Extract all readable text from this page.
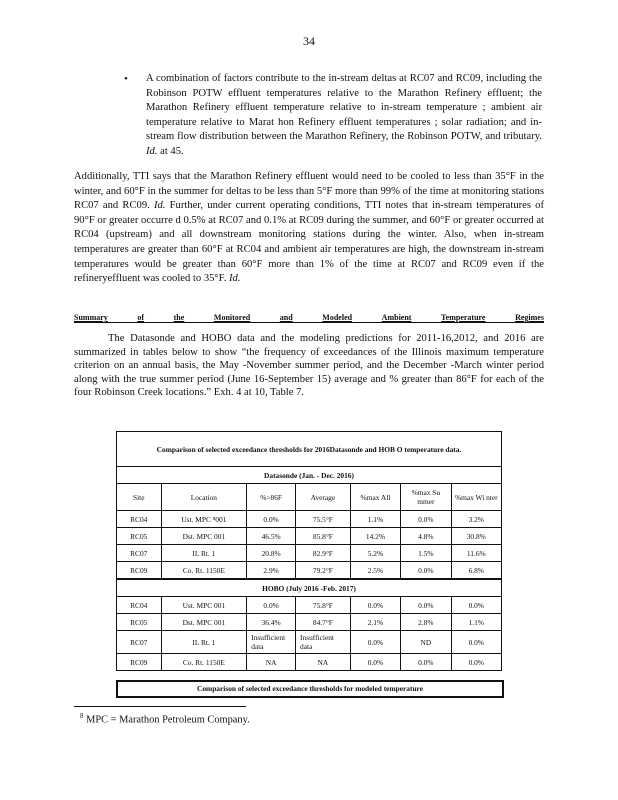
34
• A combination of factors contribute to the in-stream deltas at RC07 and RC09, including the Robinson POTW effluent temperatures relative to the Marathon Refinery effluent; the Marathon Refinery effluent temperature relative to in-stream temperature ; ambient air temperature relative to Marat hon Refinery effluent temperatures ; solar radiation; and in- stream flow distribution between the Marathon Refinery, the Robinson POTW, and tributary. Id. at 45.
Additionally, TTI says that the Marathon Refinery effluent would need to be cooled to less than 35°F in the winter, and 60°F in the summer for deltas to be less than 5°F more than 99% of the time at monitoring stations RC07 and RC09. Id. Further, under current operating conditions, TTI notes that in-stream temperatures of 90°F or greater occurre d 0.5% at RC07 and 0.1% at RC09 during the summer, and 60°F or greater occurred at RC04 (upstream) and all downstream monitoring stations during the winter. Also, when in-stream temperatures are greater than 60°F at RC04 and ambient air temperatures are high, the downstream in-stream temperatures would be greater than 60°F more than 1% of the time at RC07 and RC09 even if the refineryeffluent was cooled to 35°F. Id.
Summary	of	the	Monitored	and	Modeled	Ambient	Temperature	Regimes
The Datasonde and HOBO data and the modeling predictions for 2011-16,2012, and 2016 are summarized in tables below to show “the frequency of exceedances of the Illinois maximum temperature criterion on an annual basis, the May -November summer period, and the December -March winter period along with the true summer period (June 16-September 15) average and % greater than 86°F for each of the four Robinson Creek locations.” Exh. 4 at 10, Table 7.
Comparison of selected exceedance thresholds for 2016Datasonde and HOB O temperature data.						
Datasonde (Jan. - Dec. 2016)						
Site	Location	%>86F	Average	%max All	%max Su mmer	%max Wi nter
RC04	Ust. MPC ⁸001	0.0%	75.5°F	1.1%	0.0%	3.2%
RC05	Dst. MPC 001	46.5%	85.8°F	14.2%	4.8%	30.8%
RC07	IL Rt. 1	20.8%	82.9°F	5.2%	1.5%	11.6%
RC09	Co. Rt. 1150E	2.9%	79.2°F	2.5%	0.0%	6.8%
HOBO (July 2016 -Feb. 2017)						
RC04	Ust. MPC 001	0.0%	75.8°F	0.0%	0.0%	0.0%
RC05	Dst. MPC 001	36.4%	84.7°F	2.1%	2.8%	1.1%
RC07	IL Rt. 1	Insufficient data	Insufficient data	0.0%	ND	0.0%
RC09	Co. Rt. 1150E	NA	NA	0.0%	0.0%	0.0%
Comparison of selected exceedance thresholds for modeled temperature
$^8$ MPC = Marathon Petroleum Company.
